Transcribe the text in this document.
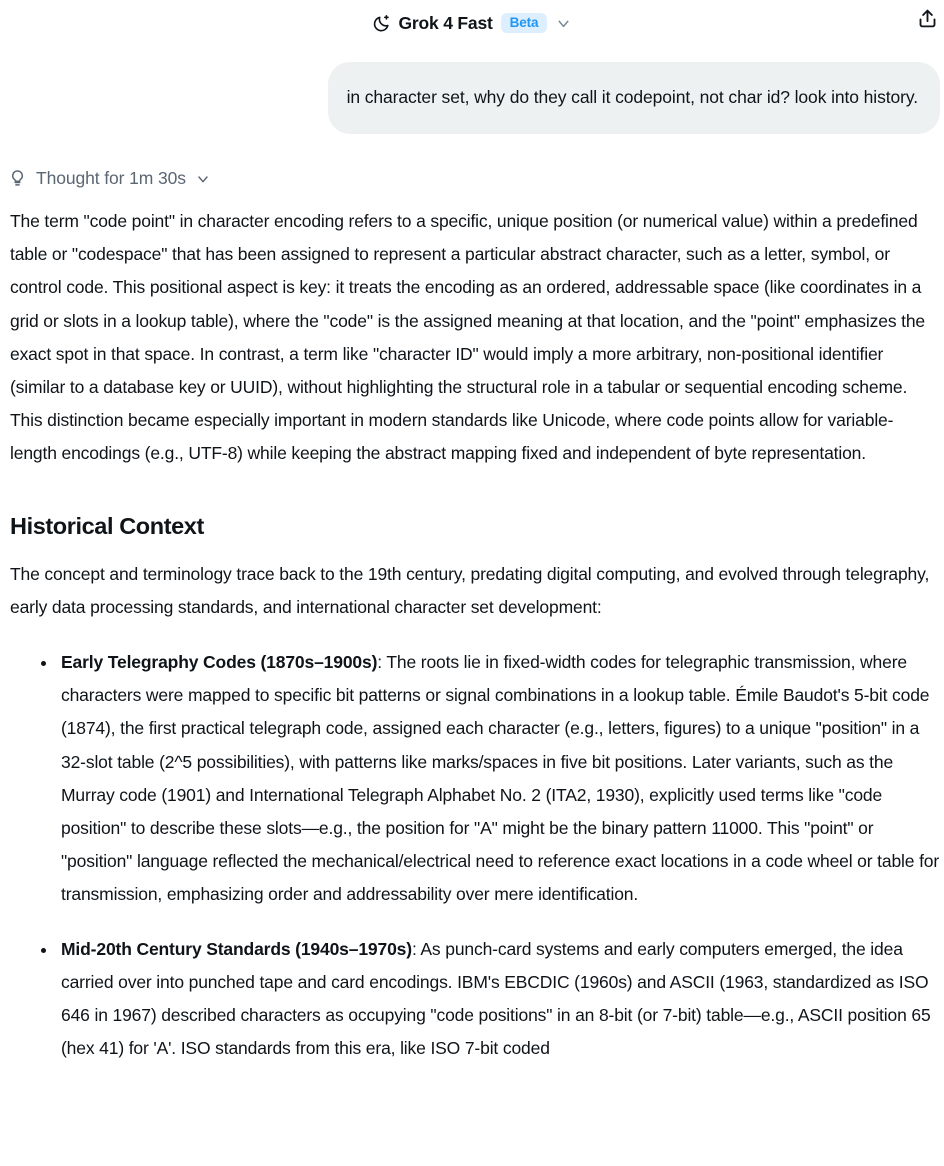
Grok 4 Fast	Beta
in character set, why do they call it codepoint, not char id? look into history.
Thought for 1m 30s

The term "code point" in character encoding refers to a specific, unique position (or numerical value) within a predefined table or "codespace" that has been assigned to represent a particular abstract character, such as a letter, symbol, or control code. This positional aspect is key: it treats the encoding as an ordered, addressable space (like coordinates in a grid or slots in a lookup table), where the "code" is the assigned meaning at that location, and the "point" emphasizes the exact spot in that space. In contrast, a term like "character ID" would imply a more arbitrary, non-positional identifier (similar to a database key or UUID), without highlighting the structural role in a tabular or sequential encoding scheme. This distinction became especially important in modern standards like Unicode, where code points allow for variable-length encodings (e.g., UTF-8) while keeping the abstract mapping fixed and independent of byte representation.

Historical Context

The concept and terminology trace back to the 19th century, predating digital computing, and evolved through telegraphy, early data processing standards, and international character set development:

Early Telegraphy Codes (1870s–1900s): The roots lie in fixed-width codes for telegraphic transmission, where characters were mapped to specific bit patterns or signal combinations in a lookup table. Émile Baudot's 5-bit code (1874), the first practical telegraph code, assigned each character (e.g., letters, figures) to a unique "position" in a 32-slot table (2^5 possibilities), with patterns like marks/spaces in five bit positions. Later variants, such as the Murray code (1901) and International Telegraph Alphabet No. 2 (ITA2, 1930), explicitly used terms like "code position" to describe these slots—e.g., the position for "A" might be the binary pattern 11000. This "point" or "position" language reflected the mechanical/electrical need to reference exact locations in a code wheel or table for transmission, emphasizing order and addressability over mere identification.
Mid-20th Century Standards (1940s–1970s): As punch-card systems and early computers emerged, the idea carried over into punched tape and card encodings. IBM's EBCDIC (1960s) and ASCII (1963, standardized as ISO 646 in 1967) described characters as occupying "code positions" in an 8-bit (or 7-bit) table—e.g., ASCII position 65 (hex 41) for 'A'. ISO standards from this era, like ISO 7-bit coded
